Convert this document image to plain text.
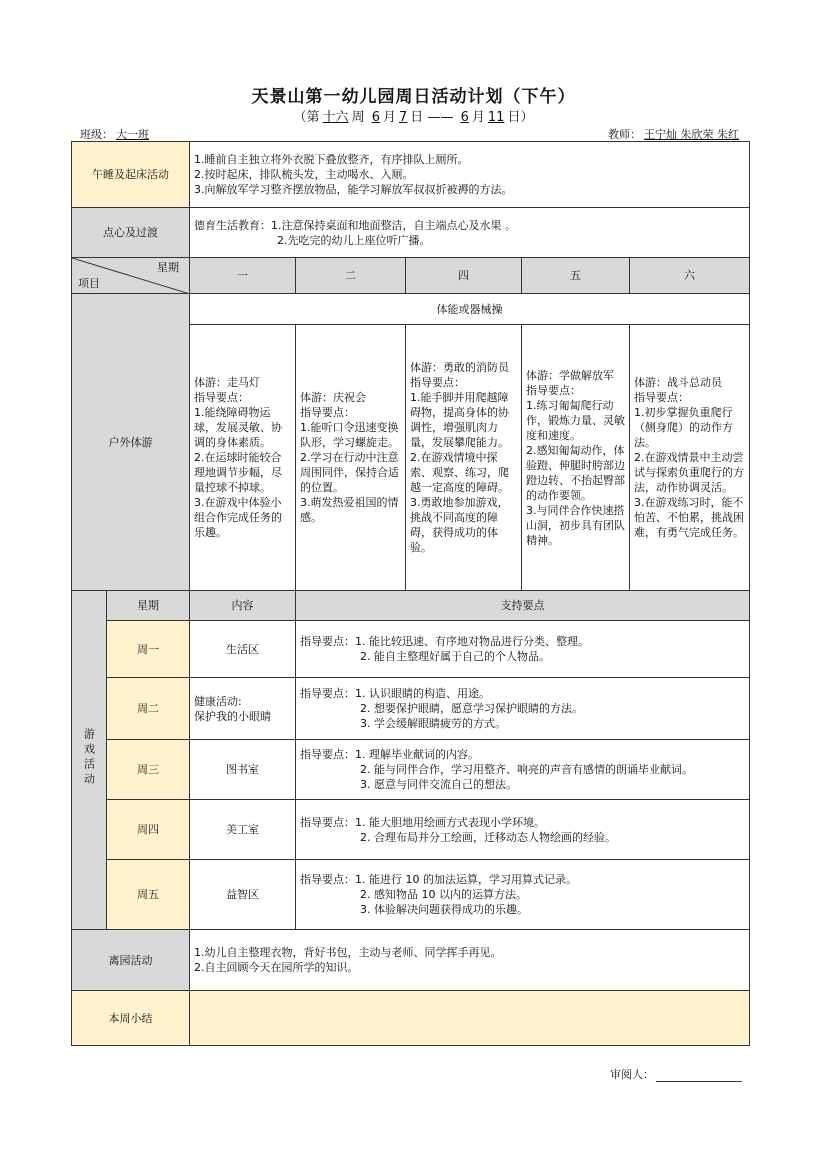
天景山第一幼儿园周日活动计划（下午）
（第 十六 周 6 月 7 日 —— 6 月 11 日）
班级： 大一班	教师： 王宁灿 朱欣荣 朱红
午睡及起床活动		1.睡前自主独立将外衣脱下叠放整齐，有序排队上厕所。
2.按时起床，排队梳头发，主动喝水、入厕。
3.向解放军学习整齐摆放物品，能学习解放军叔叔折被褥的方法。				

点心及过渡		德育生活教育：1.注意保持桌面和地面整洁，自主端点心及水果 。
2.先吃完的幼儿上座位听广播。				

星期
项目		一	二	四	五	六
户外体游		体能或器械操				

		体游：走马灯
指导要点：
1.能绕障碍物运球，发展灵敏、协调的身体素质。
2.在运球时能较合理地调节步幅，尽量控球不掉球。
3.在游戏中体验小组合作完成任务的乐趣。	体游：庆祝会
指导要点：
1.能听口令迅速变换队形，学习螺旋走。
2.学习在行动中注意周围同伴，保持合适的位置。
3.萌发热爱祖国的情感。	体游：勇敢的消防员
指导要点：
1.能手脚并用爬越障碍物，提高身体的协调性，增强肌肉力量，发展攀爬能力。
2.在游戏情境中探索、观察、练习，爬越一定高度的障碍。
3.勇敢地参加游戏，挑战不同高度的障碍，获得成功的体验。	体游：学做解放军
指导要点：
1.练习匍匐爬行动作，锻炼力量、灵敏度和速度。
2.感知匍匐动作，体验蹬、伸腿时胯部边蹬边转、不抬起臀部的动作要领。
3.与同伴合作快速搭山洞，初步具有团队精神。	体游：战斗总动员
指导要点：
1.初步掌握负重爬行（侧身爬）的动作方法。
2.在游戏情景中主动尝试与探索负重爬行的方法，动作协调灵活。
3.在游戏练习时，能不怕苦、不怕累，挑战困难，有勇气完成任务。

游戏活动	星期	内容	支持要点			
	周一	生活区	指导要点：1. 能比较迅速、有序地对物品进行分类、整理。
2. 能自主整理好属于自己的个人物品。			

	周二	健康活动:
保护我的小眼睛	指导要点：1. 认识眼睛的构造、用途。
2. 想要保护眼睛，愿意学习保护眼睛的方法。
3. 学会缓解眼睛疲劳的方式。			

	周三	图书室	指导要点：1. 理解毕业献词的内容。
2. 能与同伴合作，学习用整齐、响亮的声音有感情的朗诵毕业献词。
3. 愿意与同伴交流自己的想法。			

	周四	美工室	指导要点：1. 能大胆地用绘画方式表现小学环境。
2. 合理布局并分工绘画，迁移动态人物绘画的经验。			

	周五	益智区	指导要点：1. 能进行 10 的加法运算，学习用算式记录。
2. 感知物品 10 以内的运算方法。
3. 体验解决问题获得成功的乐趣。			

离园活动		1.幼儿自主整理衣物，背好书包，主动与老师、同学挥手再见。
2.自主回顾今天在园所学的知识。				

本周小结						
审阅人：
